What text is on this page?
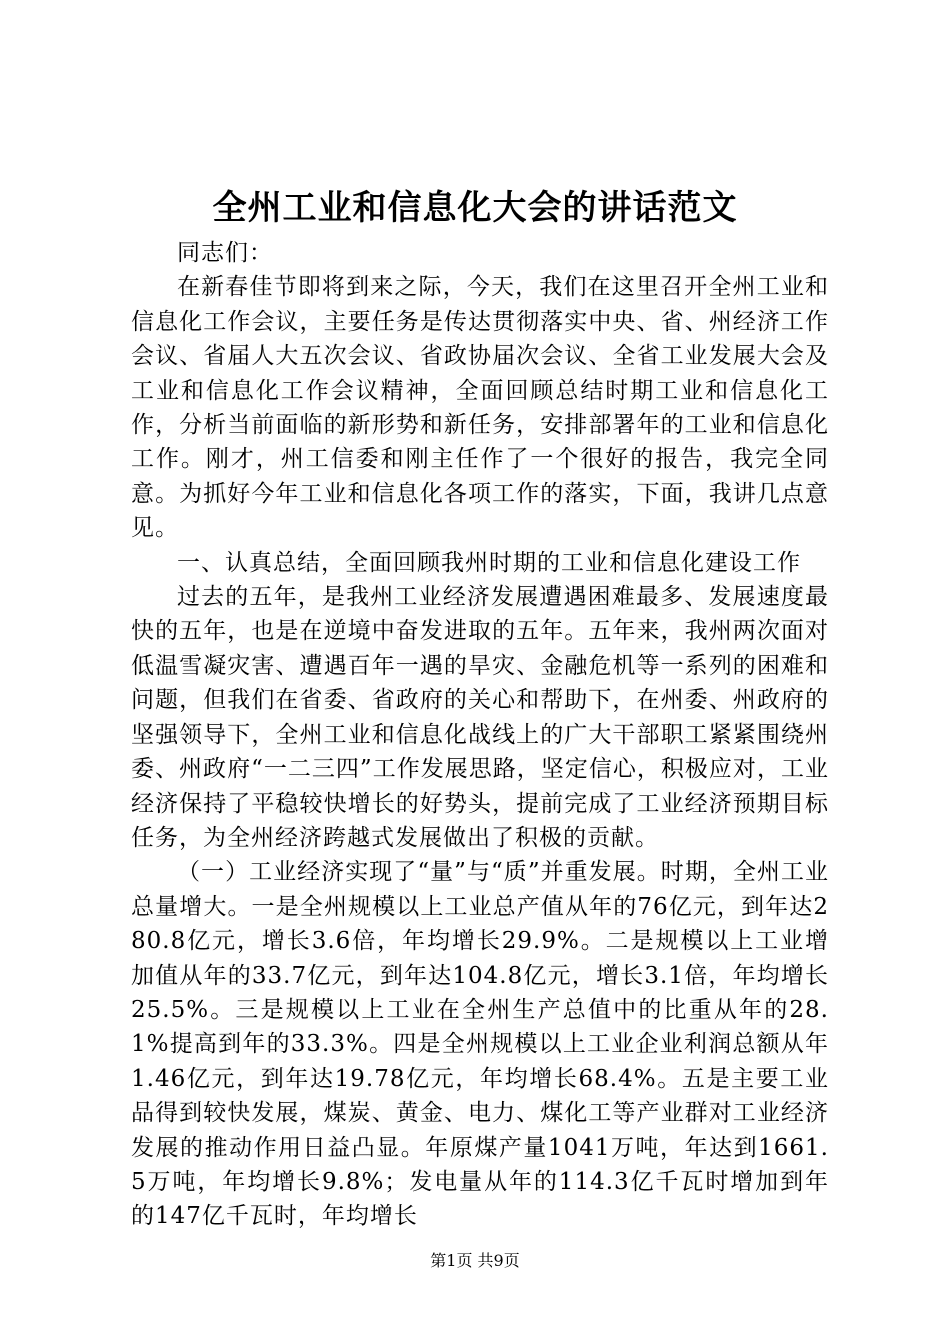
全州工业和信息化大会的讲话范文

同志们：

在新春佳节即将到来之际，今天，我们在这里召开全州工业和信息化工作会议，主要任务是传达贯彻落实中央、省、州经济工作会议、省届人大五次会议、省政协届次会议、全省工业发展大会及工业和信息化工作会议精神，全面回顾总结时期工业和信息化工作，分析当前面临的新形势和新任务，安排部署年的工业和信息化工作。刚才，州工信委和刚主任作了一个很好的报告，我完全同意。为抓好今年工业和信息化各项工作的落实，下面，我讲几点意见。

一、认真总结，全面回顾我州时期的工业和信息化建设工作

过去的五年，是我州工业经济发展遭遇困难最多、发展速度最快的五年，也是在逆境中奋发进取的五年。五年来，我州两次面对低温雪凝灾害、遭遇百年一遇的旱灾、金融危机等一系列的困难和问题，但我们在省委、省政府的关心和帮助下，在州委、州政府的坚强领导下，全州工业和信息化战线上的广大干部职工紧紧围绕州委、州政府“一二三四”工作发展思路，坚定信心，积极应对，工业经济保持了平稳较快增长的好势头，提前完成了工业经济预期目标任务，为全州经济跨越式发展做出了积极的贡献。

（一）工业经济实现了“量”与“质”并重发展。时期，全州工业总量增大。一是全州规模以上工业总产值从年的76亿元，到年达280.8亿元，增长3.6倍，年均增长29.9%。二是规模以上工业增加值从年的33.7亿元，到年达104.8亿元，增长3.1倍，年均增长25.5%。三是规模以上工业在全州生产总值中的比重从年的28.1%提高到年的33.3%。四是全州规模以上工业企业利润总额从年1.46亿元，到年达19.78亿元，年均增长68.4%。五是主要工业品得到较快发展，煤炭、黄金、电力、煤化工等产业群对工业经济发展的推动作用日益凸显。年原煤产量1041万吨，年达到1661.5万吨，年均增长9.8%；发电量从年的114.3亿千瓦时增加到年的147亿千瓦时，年均增长

第1页 共9页
